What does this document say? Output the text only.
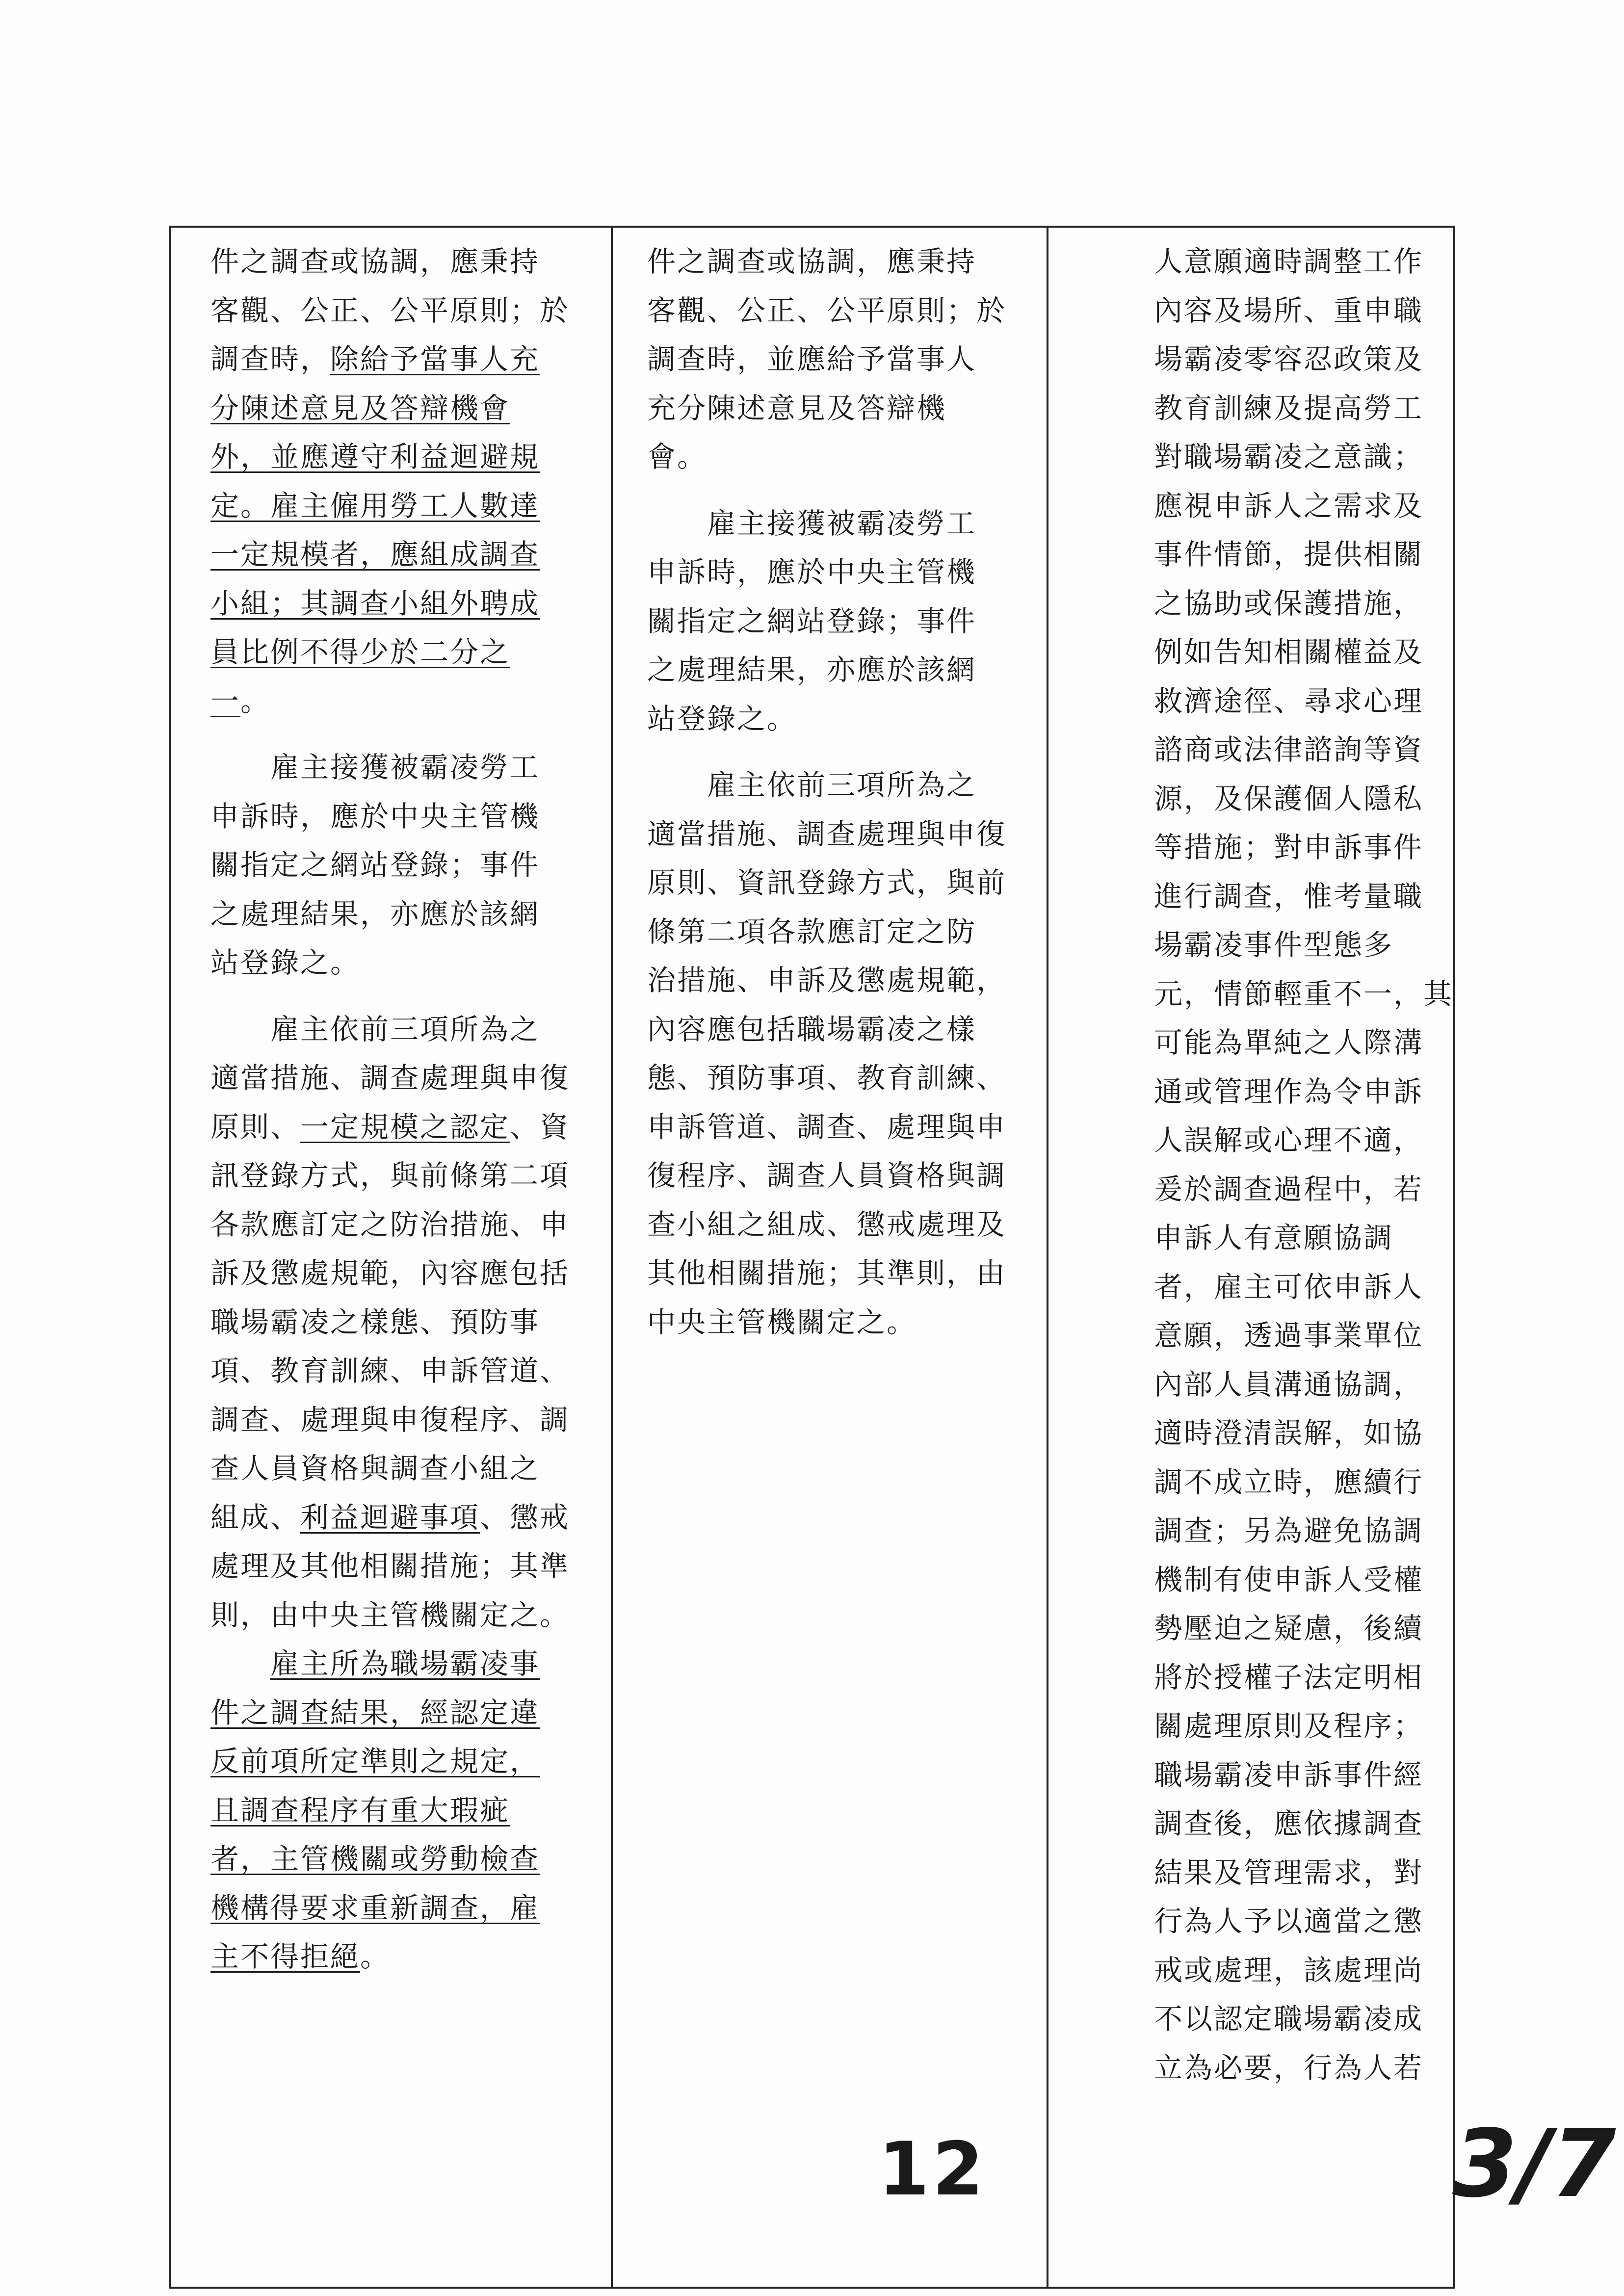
件之調查或協調，應秉持
客觀、公正、公平原則；於
調查時，除給予當事人充
分陳述意見及答辯機會
外，並應遵守利益迴避規
定。雇主僱用勞工人數達
一定規模者，應組成調查
小組；其調查小組外聘成
員比例不得少於二分之
一。
　　雇主接獲被霸凌勞工
申訴時，應於中央主管機
關指定之網站登錄；事件
之處理結果，亦應於該網
站登錄之。
　　雇主依前三項所為之
適當措施、調查處理與申復
原則、一定規模之認定、資
訊登錄方式，與前條第二項
各款應訂定之防治措施、申
訴及懲處規範，內容應包括
職場霸凌之樣態、預防事
項、教育訓練、申訴管道、
調查、處理與申復程序、調
查人員資格與調查小組之
組成、利益迴避事項、懲戒
處理及其他相關措施；其準
則，由中央主管機關定之。
　　雇主所為職場霸凌事
件之調查結果，經認定違
反前項所定準則之規定，
且調查程序有重大瑕疵
者，主管機關或勞動檢查
機構得要求重新調查，雇
主不得拒絕。
件之調查或協調，應秉持
客觀、公正、公平原則；於
調查時，並應給予當事人
充分陳述意見及答辯機
會。
　　雇主接獲被霸凌勞工
申訴時，應於中央主管機
關指定之網站登錄；事件
之處理結果，亦應於該網
站登錄之。
　　雇主依前三項所為之
適當措施、調查處理與申復
原則、資訊登錄方式，與前
條第二項各款應訂定之防
治措施、申訴及懲處規範，
內容應包括職場霸凌之樣
態、預防事項、教育訓練、
申訴管道、調查、處理與申
復程序、調查人員資格與調
查小組之組成、懲戒處理及
其他相關措施；其準則，由
中央主管機關定之。
人意願適時調整工作
內容及場所、重申職
場霸凌零容忍政策及
教育訓練及提高勞工
對職場霸凌之意識；
應視申訴人之需求及
事件情節，提供相關
之協助或保護措施，
例如告知相關權益及
救濟途徑、尋求心理
諮商或法律諮詢等資
源，及保護個人隱私
等措施；對申訴事件
進行調查，惟考量職
場霸凌事件型態多
元，情節輕重不一，其
可能為單純之人際溝
通或管理作為令申訴
人誤解或心理不適，
爰於調查過程中，若
申訴人有意願協調
者，雇主可依申訴人
意願，透過事業單位
內部人員溝通協調，
適時澄清誤解，如協
調不成立時，應續行
調查；另為避免協調
機制有使申訴人受權
勢壓迫之疑慮，後續
將於授權子法定明相
關處理原則及程序；
職場霸凌申訴事件經
調查後，應依據調查
結果及管理需求，對
行為人予以適當之懲
戒或處理，該處理尚
不以認定職場霸凌成
立為必要，行為人若
12	3/7
